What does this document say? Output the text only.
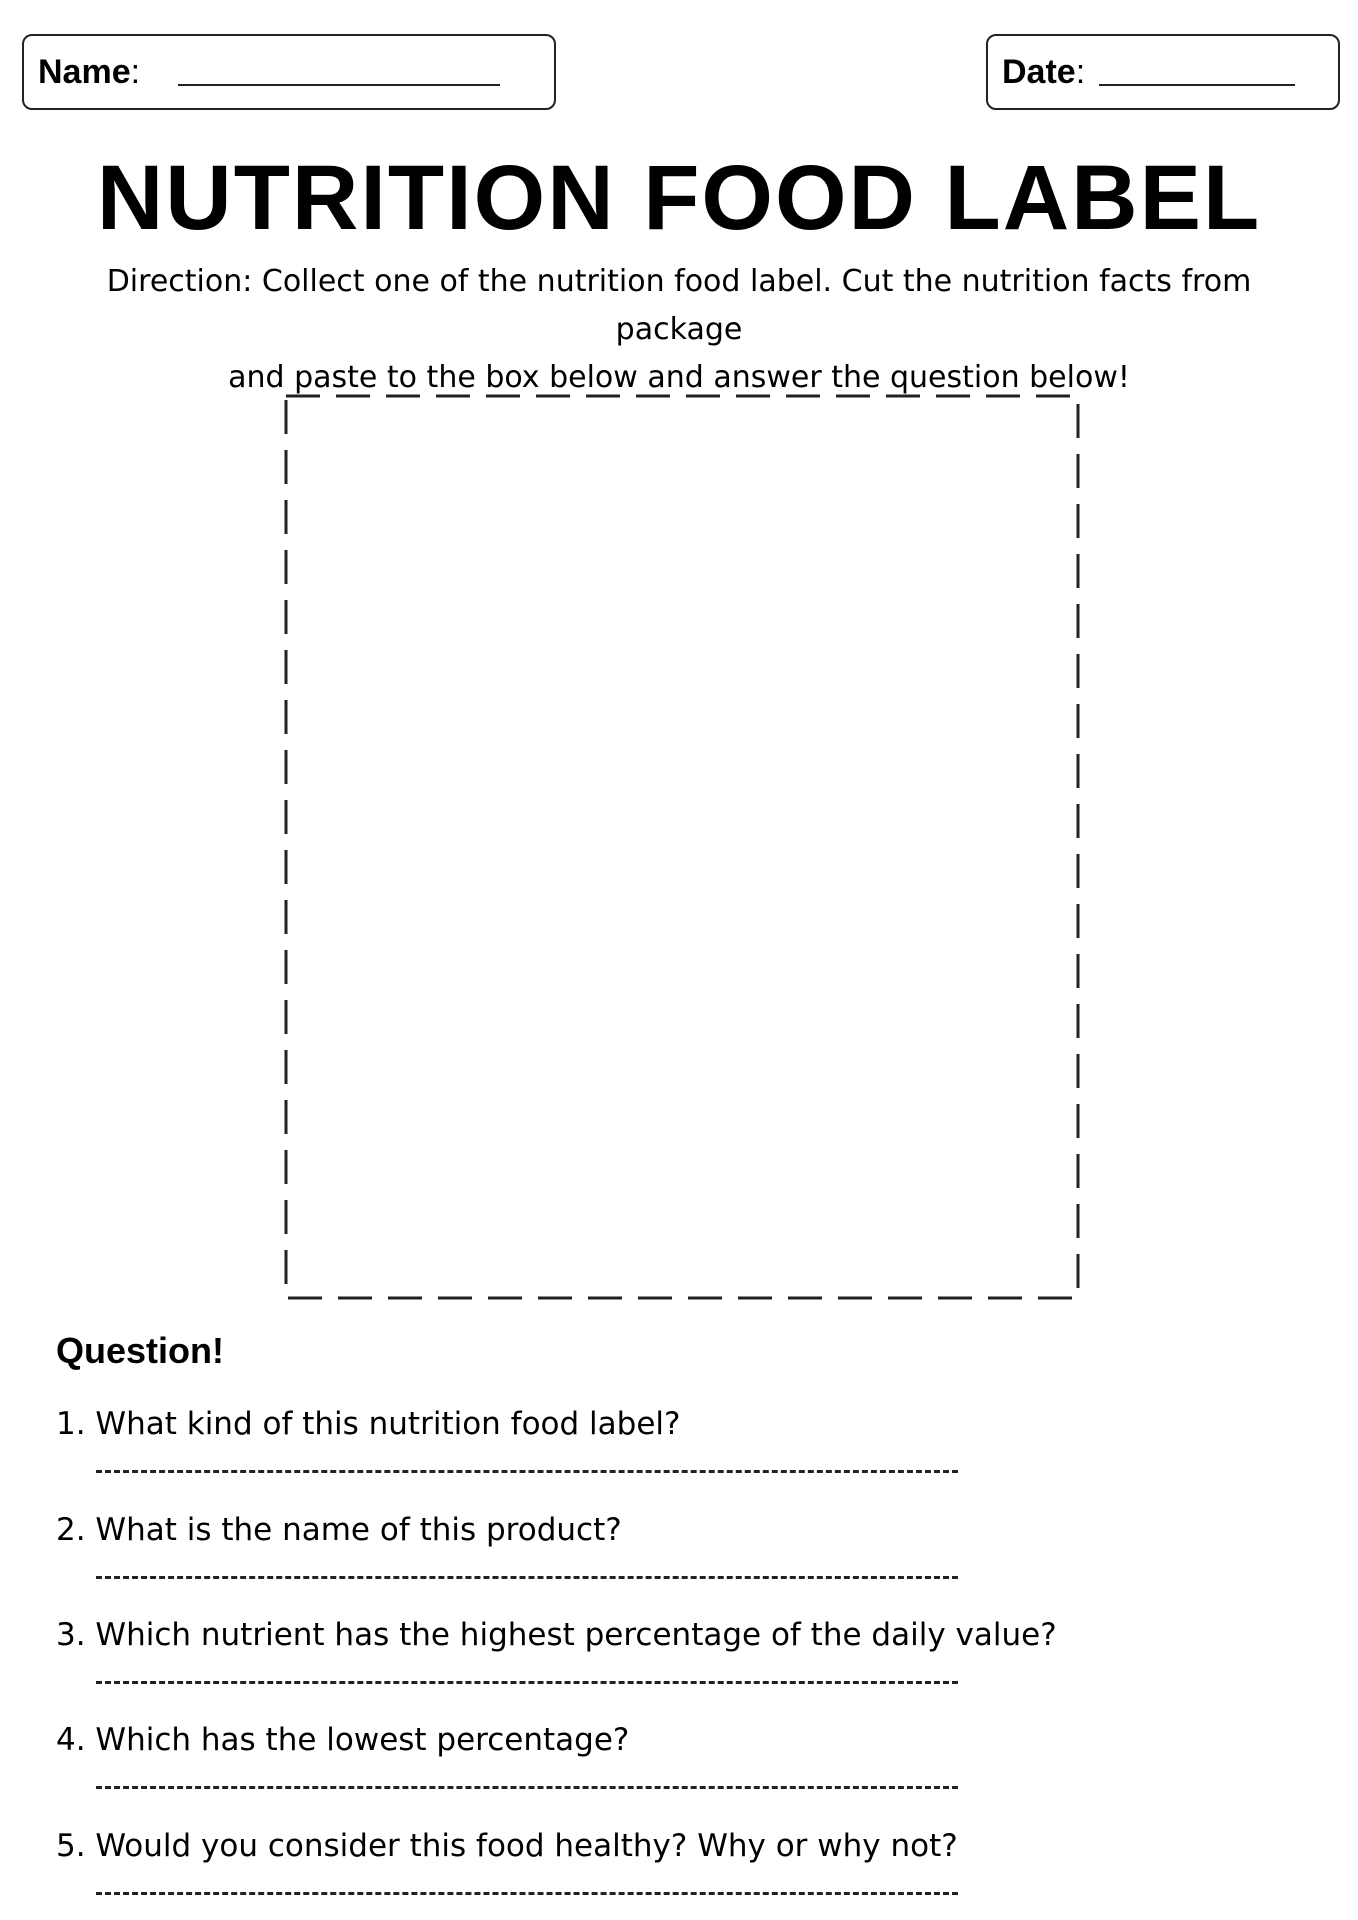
Name :	Date :
NUTRITION FOOD LABEL
Direction: Collect one of the nutrition food label. Cut the nutrition facts from package
and paste to the box below and answer the question below!
Question!
1. What kind of this nutrition food label?
2. What is the name of this product?
3. Which nutrient has the highest percentage of the daily value?
4. Which has the lowest percentage?
5. Would you consider this food healthy? Why or why not?
